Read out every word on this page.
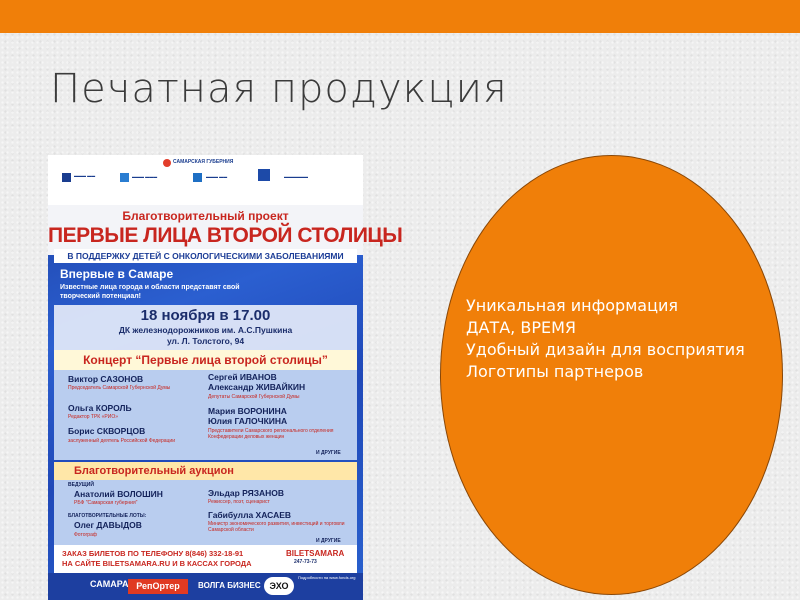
Печатная продукция
▬▬▬ ▬▬	▬▬▬ ▬▬▬
САМАРСКАЯ ГУБЕРНИЯ
▬▬▬ ▬▬	▬▬▬▬▬▬
Благотворительный проект
ПЕРВЫЕ ЛИЦА ВТОРОЙ СТОЛИЦЫ
В ПОДДЕРЖКУ ДЕТЕЙ С ОНКОЛОГИЧЕСКИМИ ЗАБОЛЕВАНИЯМИ
Впервые в Самаре
Известные лица города и области представят свой творческий потенциал!
18 ноября в 17.00
ДК железнодорожников им. А.С.Пушкина
ул. Л. Толстого, 94
Концерт “Первые лица второй столицы”
Виктор САЗОНОВ
Председатель Самарской Губернской Думы
Ольга КОРОЛЬ
Редактор ТРК «РИО»
Борис СКВОРЦОВ
заслуженный деятель Российской Федерации
Сергей ИВАНОВ
Александр ЖИВАЙКИН
Депутаты Самарской Губернской Думы
Мария ВОРОНИНА
Юлия ГАЛОЧКИНА
Представители Самарского регионального отделения Конфедерации деловых женщин
И ДРУГИЕ
Благотворительный аукцион
ВЕДУЩИЙ
Анатолий ВОЛОШИН
РБФ "Самарская губерния"
БЛАГОТВОРИТЕЛЬНЫЕ ЛОТЫ:
Олег ДАВЫДОВ
Фотограф
Эльдар РЯЗАНОВ
Режиссер, поэт, сценарист
Габибулла ХАСАЕВ
Министр экономического развития, инвестиций и торговли Самарской области
И ДРУГИЕ
ЗАКАЗ БИЛЕТОВ ПО ТЕЛЕФОНУ 8(846) 332-18-91
НА САЙТЕ BILETSAMARA.RU И В КАССАХ ГОРОДА
BILETSAMARA
247-73-73
Подробности на www.fonds.org
САМАРА РепОртер	ВОЛГА БИЗНЕС ЭХО
Уникальная информация
ДАТА, ВРЕМЯ
Удобный дизайн для восприятия
Логотипы партнеров
